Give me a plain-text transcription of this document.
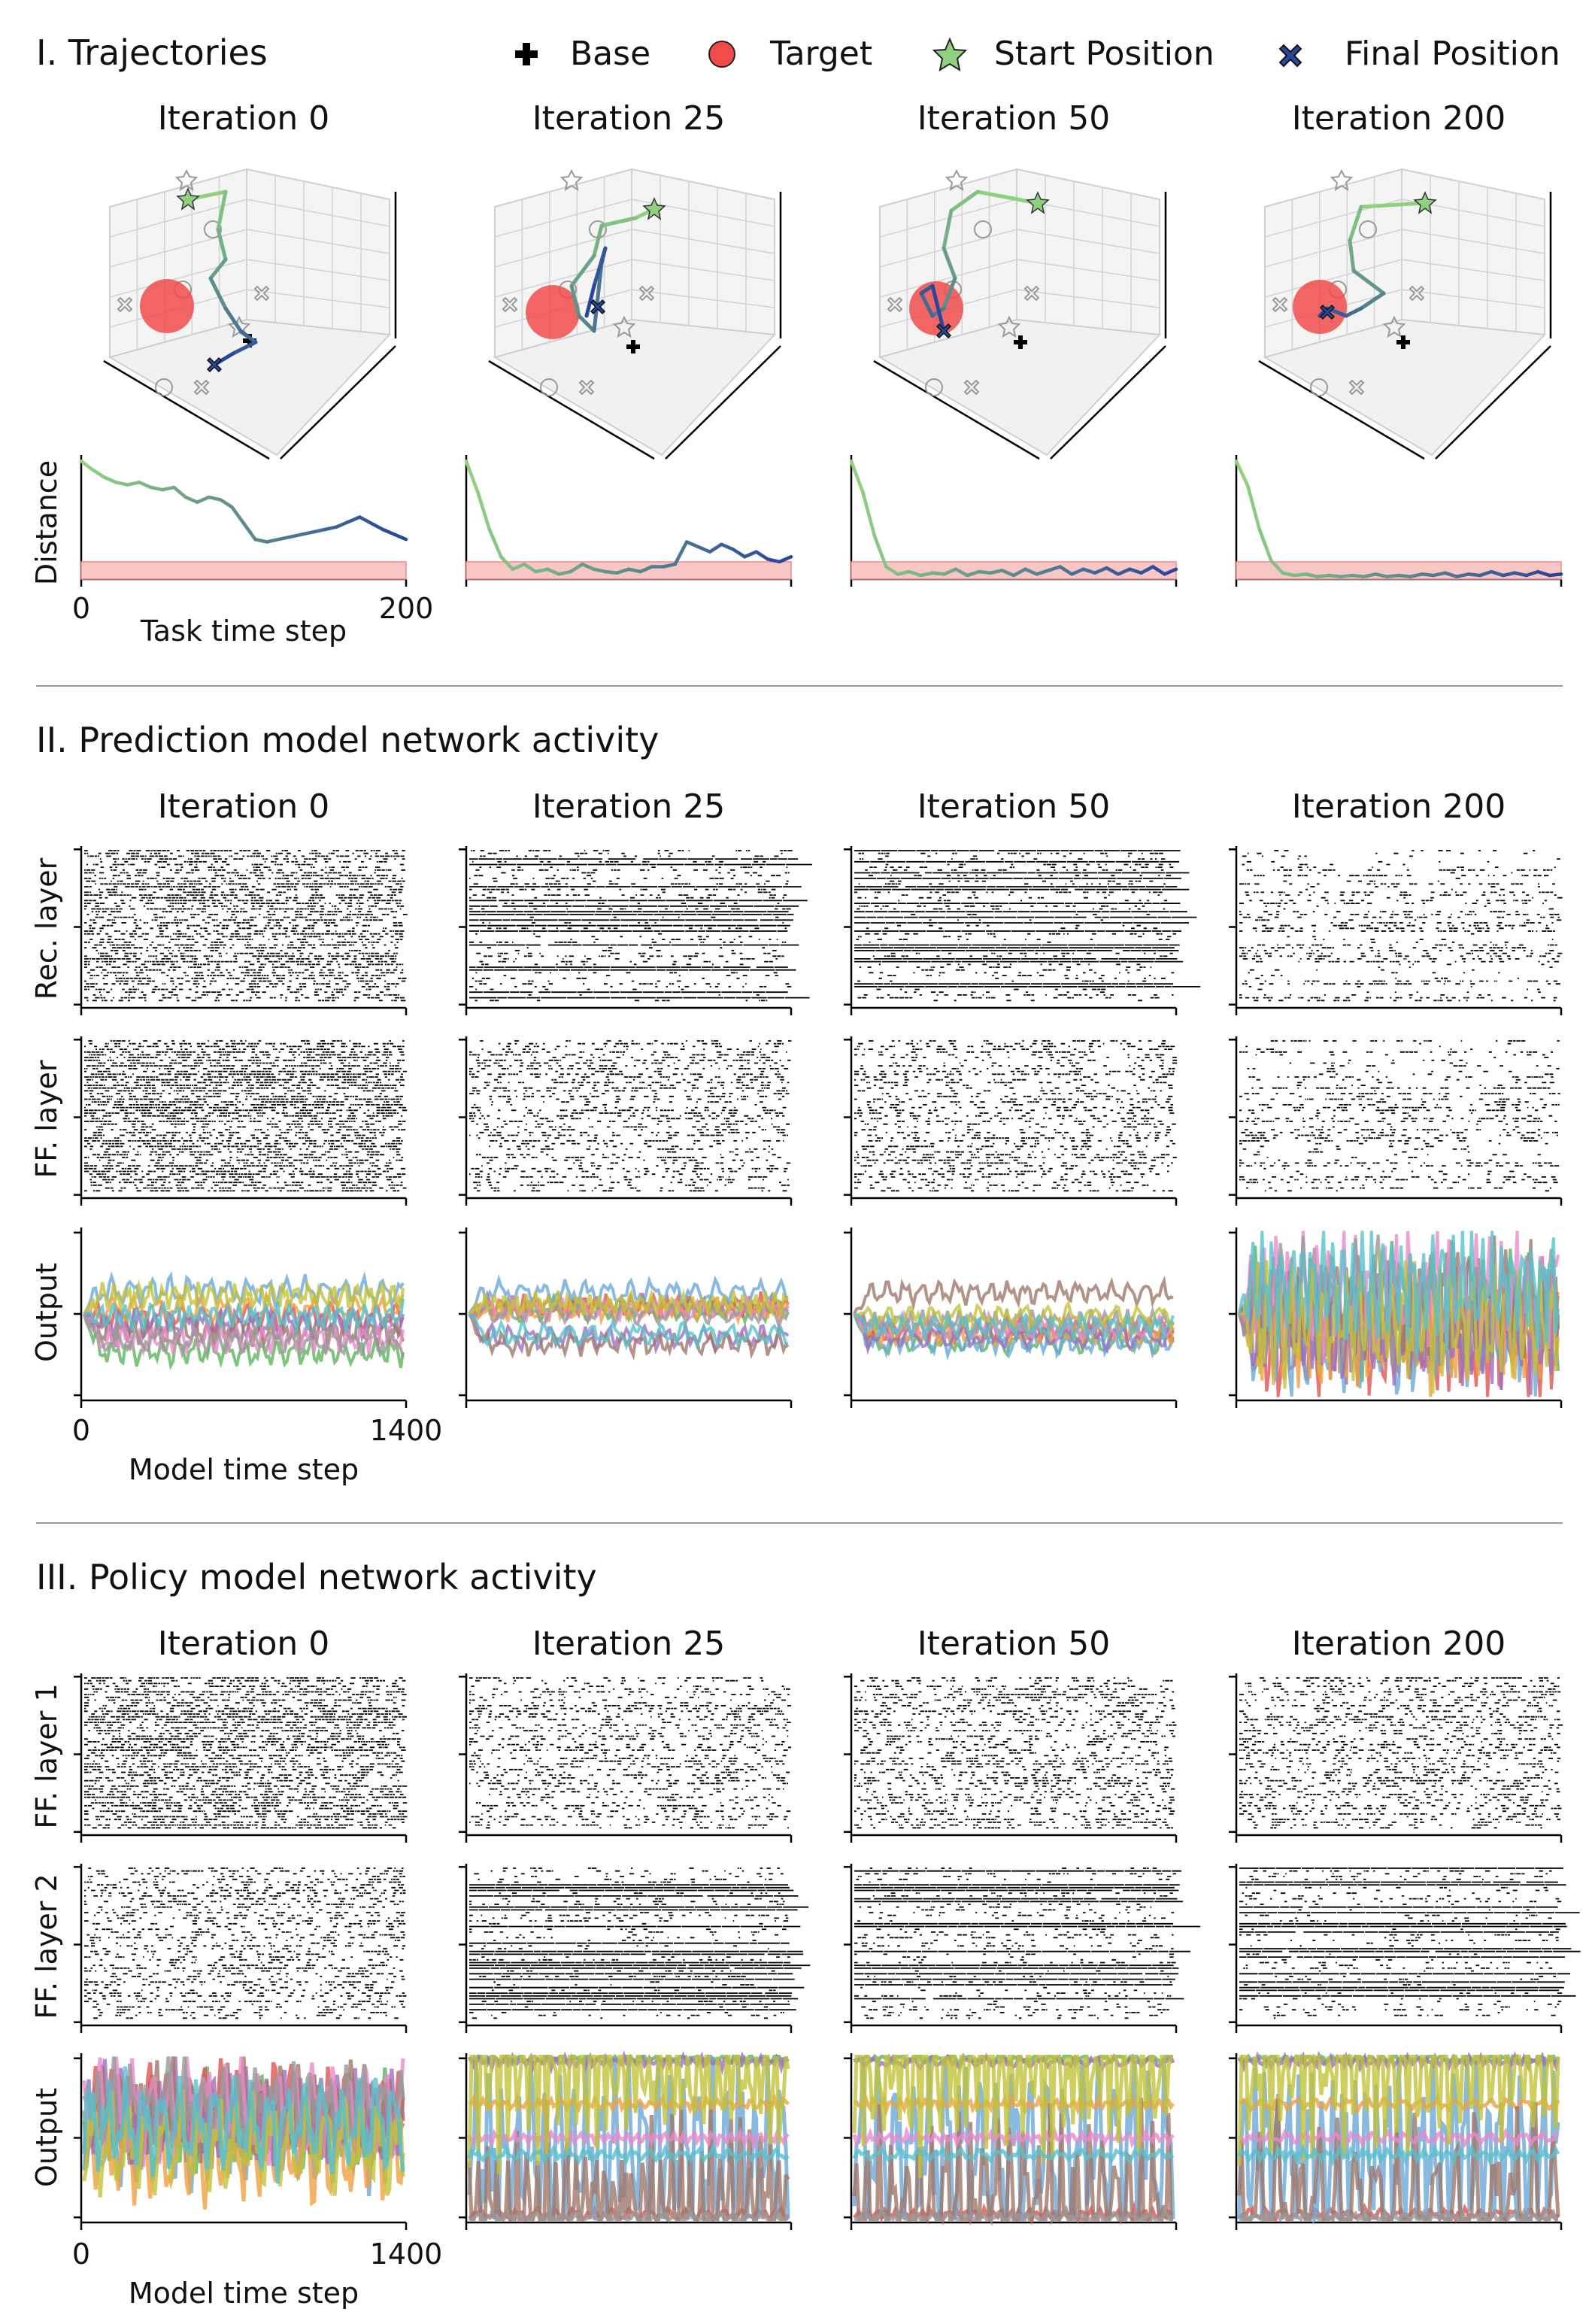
I. Trajectories
II. Prediction model network activity
III. Policy model network activity
Base	Target	Start Position	Final Position
Iteration 0	Iteration 25	Iteration 50	Iteration 200
Distance
0	200
Task time step
Iteration 0	Iteration 25	Iteration 50	Iteration 200
Rec. layer
FF. layer
Output
0	1400
Model time step
Iteration 0	Iteration 25	Iteration 50	Iteration 200
FF. layer 1
FF. layer 2
Output
0	1400
Model time step
